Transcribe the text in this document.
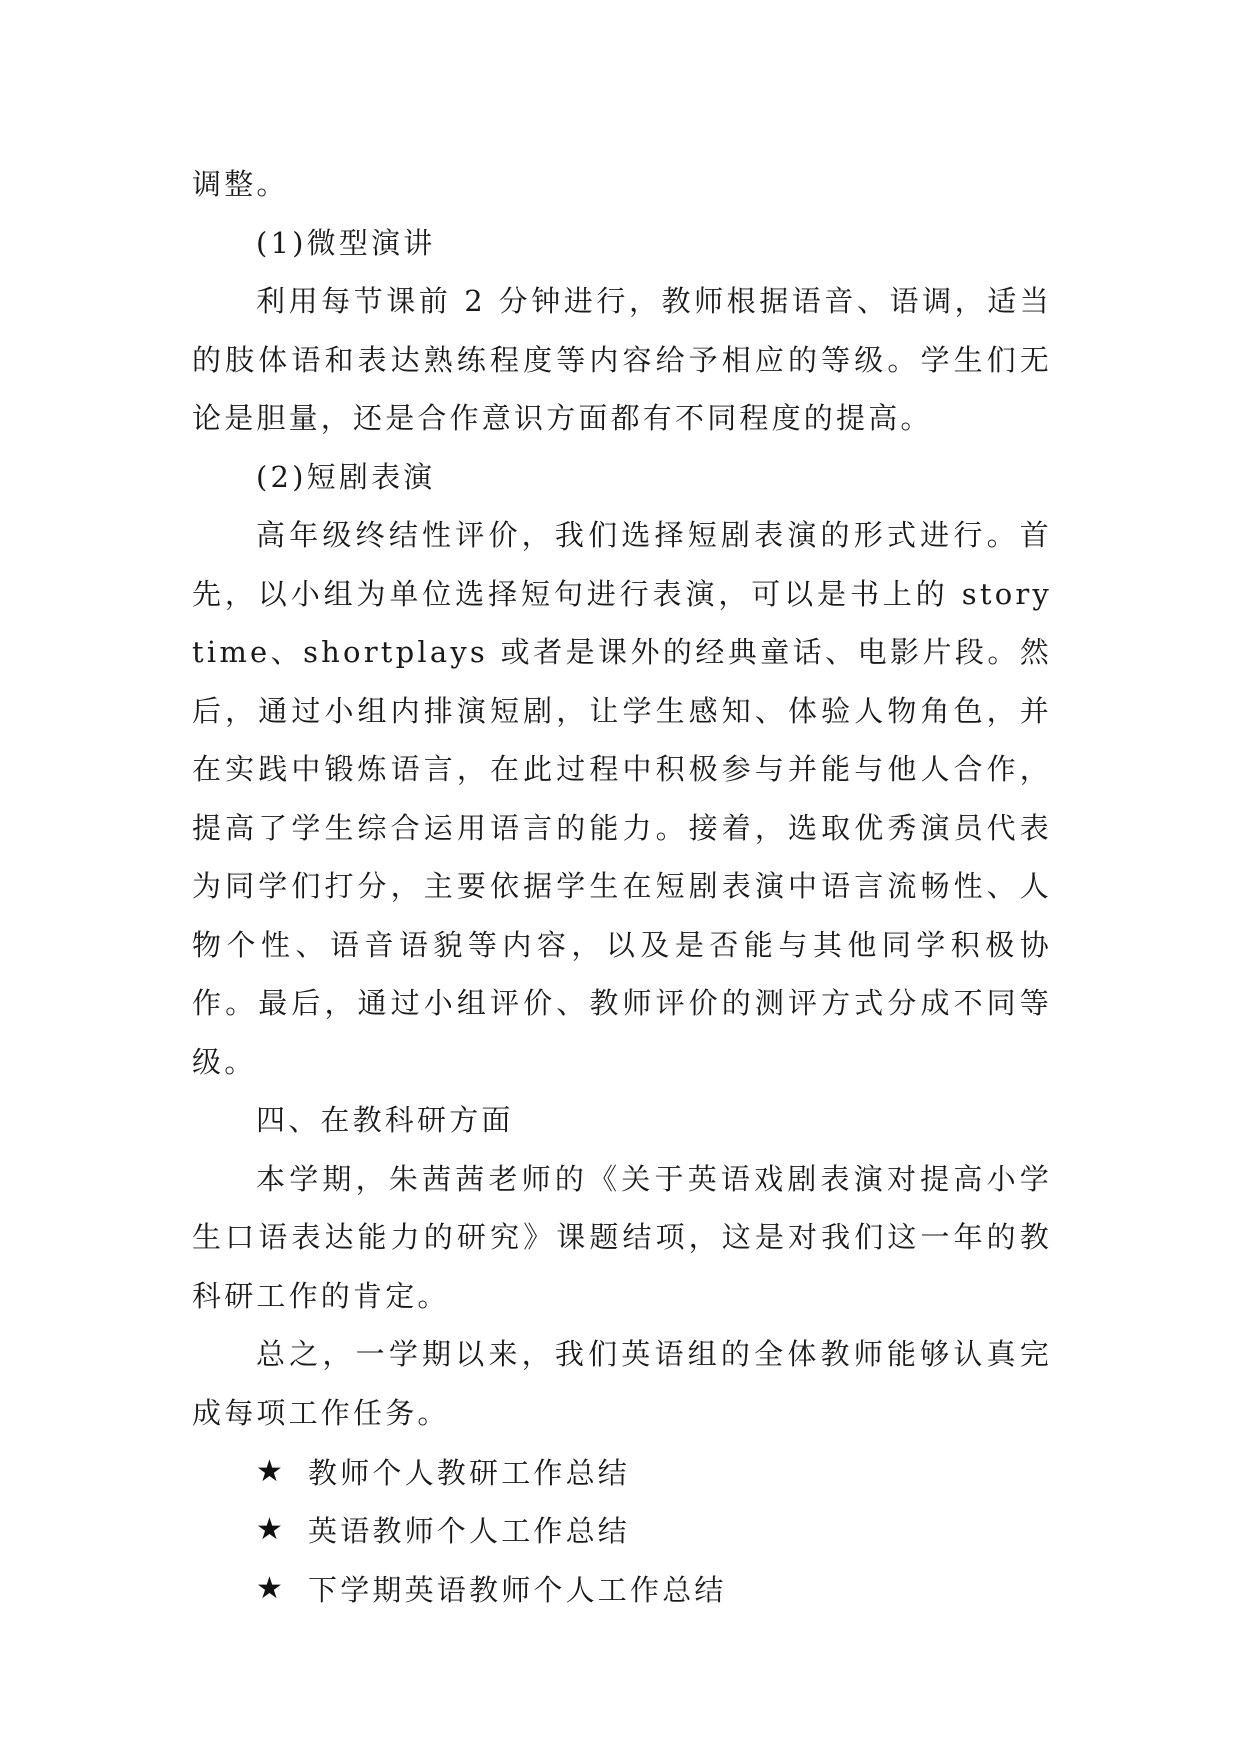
调整。

(1)微型演讲

利用每节课前 2 分钟进行，教师根据语音、语调，适当的肢体语和表达熟练程度等内容给予相应的等级。学生们无论是胆量，还是合作意识方面都有不同程度的提高。

(2)短剧表演

高年级终结性评价，我们选择短剧表演的形式进行。首先，以小组为单位选择短句进行表演，可以是书上的 story time、shortplays 或者是课外的经典童话、电影片段。然后，通过小组内排演短剧，让学生感知、体验人物角色，并在实践中锻炼语言，在此过程中积极参与并能与他人合作，提高了学生综合运用语言的能力。接着，选取优秀演员代表为同学们打分，主要依据学生在短剧表演中语言流畅性、人物个性、语音语貌等内容，以及是否能与其他同学积极协作。最后，通过小组评价、教师评价的测评方式分成不同等级。

四、在教科研方面

本学期，朱茜茜老师的《关于英语戏剧表演对提高小学生口语表达能力的研究》课题结项，这是对我们这一年的教科研工作的肯定。

总之，一学期以来，我们英语组的全体教师能够认真完成每项工作任务。

★ 教师个人教研工作总结
★ 英语教师个人工作总结
★ 下学期英语教师个人工作总结
